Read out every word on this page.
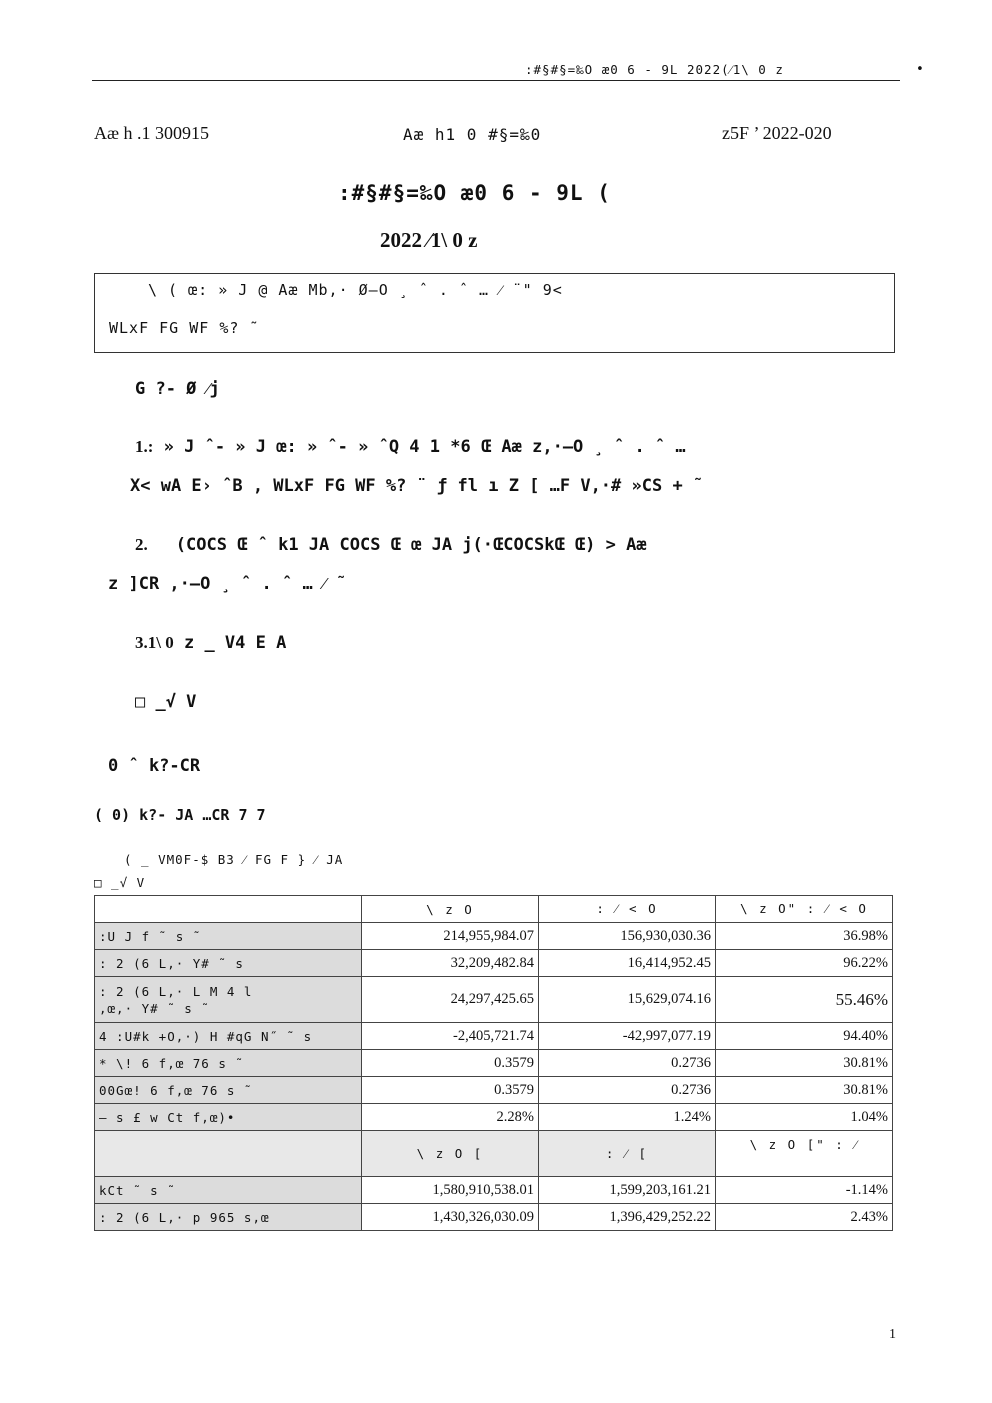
:#§#§=‰O æ0 6 - 9L 2022(⁄1\ 0 z	•
Aæ h .1 300915	Aæ h1 0 #§=‰0	z5F ’ 2022-020
:#§#§=‰O æ0 6 - 9L (
2022 ⁄1\ 0 z
\ ( œ: » J @ Aæ Mb,· Ø–O ¸ ˆ . ˆ … ⁄ ¨" 9<
WLxF FG WF %? ˜
G ?- Ø ⁄j
1.: » J ˆ- » J œ: » ˆ- » ˆQ 4 1 *6 Œ Aæ z,·–O ¸ ˆ . ˆ …
X< wA E› ˆB , WLxF FG WF %? ¨ ƒ fl ı Z [ …F V,·# »CS + ˜
2. (COCS Œ ˆ k1 JA COCS Œ œ JA j(·ŒCOCSkŒ Œ) > Aæ
z ]CR ,·–O ¸ ˆ . ˆ … ⁄ ˜
3.1\ 0 z _ V4 E A
□ _√ V
0 ˆ k?-CR
( 0) k?- JA …CR 7 7
( _ VM0F-$ B3 ⁄ FG F } ⁄ JA
□ _√ V
	\ z O	: ⁄ < O	\ z O" : ⁄ < O
:U J f ˜ s ˜	214,955,984.07	156,930,030.36	36.98%
: 2 (6 L,· Y# ˜ s	32,209,482.84	16,414,952.45	96.22%

: 2 (6 L,· L M 4 l
,œ,· Y# ˜ s ˜	24,297,425.65	15,629,074.16	55.46%
4 :U#k +O,·) H #qG N˝ ˜ s	-2,405,721.74	-42,997,077.19	94.40%
* \! 6 f,œ 76 s ˜	0.3579	0.2736	30.81%
00Gœ! 6 f,œ 76 s ˜	0.3579	0.2736	30.81%
– s £ w Ct f,œ)•	2.28%	1.24%	1.04%
	\ z O [	: ⁄ [	\ z O [" : ⁄
kCt ˜ s ˜	1,580,910,538.01	1,599,203,161.21	-1.14%
: 2 (6 L,· p 965 s,œ	1,430,326,030.09	1,396,429,252.22	2.43%
1
